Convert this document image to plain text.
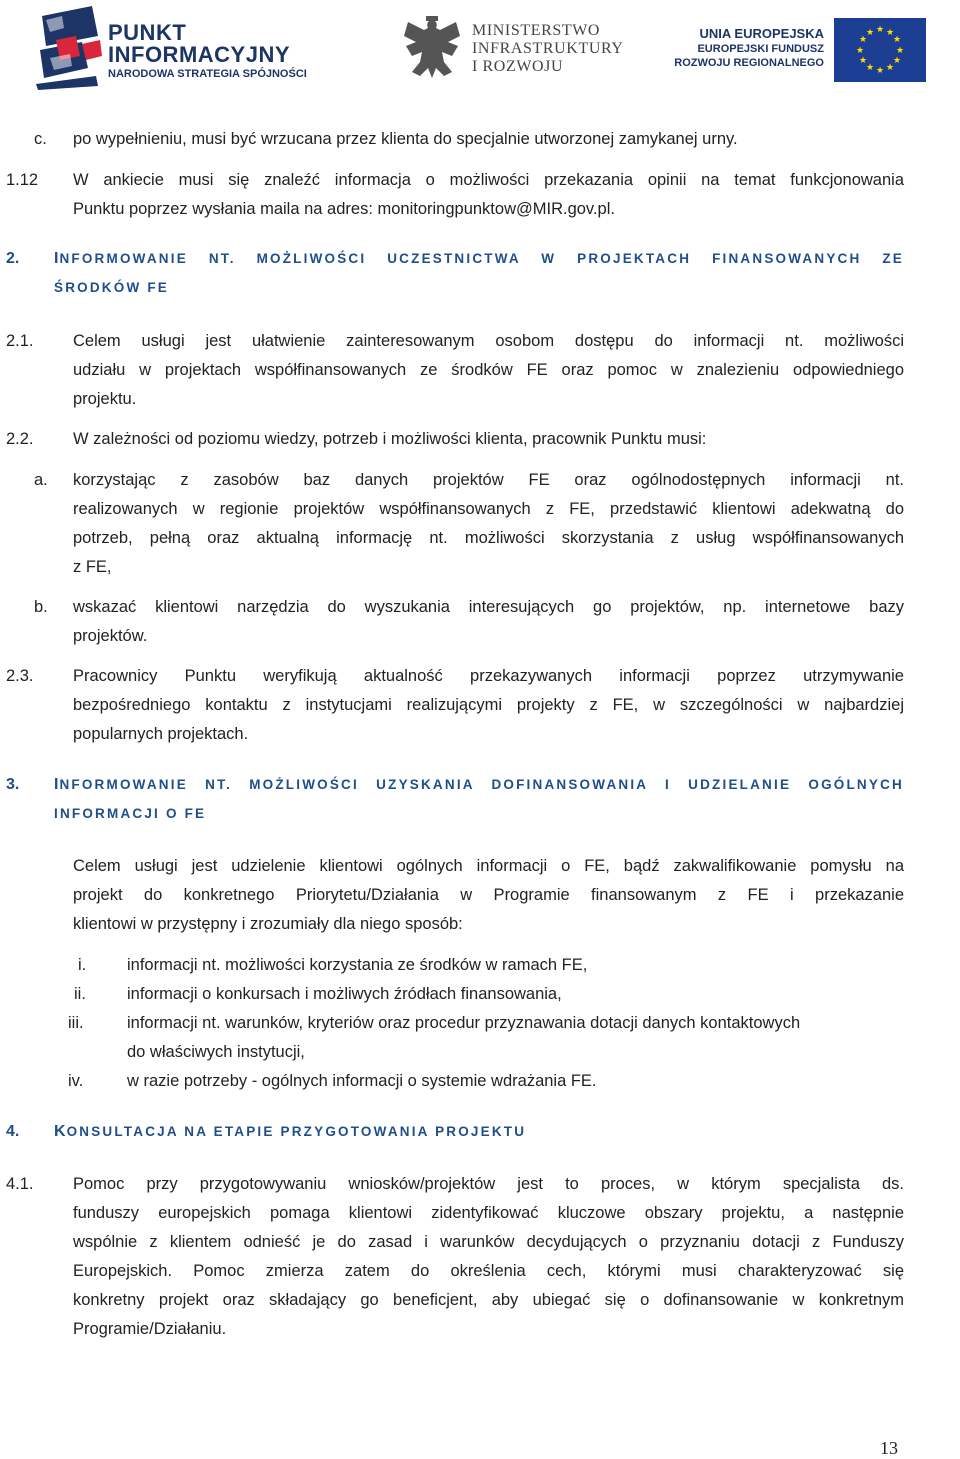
PUNKT
INFORMACYJNY
NARODOWA STRATEGIA SPÓJNOŚCI
MINISTERSTWO
INFRASTRUKTURY
I ROZWOJU
UNIA EUROPEJSKA
EUROPEJSKI FUNDUSZ
ROZWOJU REGIONALNEGO
★ ★
★
★
★
★
★
★
★
★
★
★
c. po wypełnieniu, musi być wrzucana przez klienta do specjalnie utworzonej zamykanej urny.
1.12 W ankiecie musi się znaleźć informacja o możliwości przekazania opinii na temat funkcjonowania
Punktu poprzez wysłania maila na adres: monitoringpunktow@MIR.gov.pl.
2. INFORMOWANIE NT. MOŻLIWOŚCI UCZESTNICTWA W PROJEKTACH FINANSOWANYCH ZE
ŚRODKÓW FE
2.1. Celem usługi jest ułatwienie zainteresowanym osobom dostępu do informacji nt. możliwości
udziału w projektach współfinansowanych ze środków FE oraz pomoc w znalezieniu odpowiedniego
projektu.
2.2. W zależności od poziomu wiedzy, potrzeb i możliwości klienta, pracownik Punktu musi:
a. korzystając z zasobów baz danych projektów FE oraz ogólnodostępnych informacji nt.
realizowanych w regionie projektów współfinansowanych z FE, przedstawić klientowi adekwatną do
potrzeb, pełną oraz aktualną informację nt. możliwości skorzystania z usług współfinansowanych
z FE,
b. wskazać klientowi narzędzia do wyszukania interesujących go projektów, np. internetowe bazy
projektów.
2.3. Pracownicy Punktu weryfikują aktualność przekazywanych informacji poprzez utrzymywanie
bezpośredniego kontaktu z instytucjami realizującymi projekty z FE, w szczególności w najbardziej
popularnych projektach.
3. INFORMOWANIE NT. MOŻLIWOŚCI UZYSKANIA DOFINANSOWANIA I UDZIELANIE OGÓLNYCH
INFORMACJI O FE
Celem usługi jest udzielenie klientowi ogólnych informacji o FE, bądź zakwalifikowanie pomysłu na
projekt do konkretnego Priorytetu/Działania w Programie finansowanym z FE i przekazanie
klientowi w przystępny i zrozumiały dla niego sposób:
i. informacji nt. możliwości korzystania ze środków w ramach FE,
ii. informacji o konkursach i możliwych źródłach finansowania,
iii.	informacji nt. warunków, kryteriów oraz procedur przyznawania dotacji danych kontaktowych
do właściwych instytucji,
iv.	w razie potrzeby - ogólnych informacji o systemie wdrażania FE.
4. KONSULTACJA NA ETAPIE PRZYGOTOWANIA PROJEKTU
4.1. Pomoc przy przygotowywaniu wniosków/projektów jest to proces, w którym specjalista ds.
funduszy europejskich pomaga klientowi zidentyfikować kluczowe obszary projektu, a następnie
wspólnie z klientem odnieść je do zasad i warunków decydujących o przyznaniu dotacji z Funduszy
Europejskich. Pomoc zmierza zatem do określenia cech, którymi musi charakteryzować się
konkretny projekt oraz składający go beneficjent, aby ubiegać się o dofinansowanie w konkretnym
Programie/Działaniu.
13
